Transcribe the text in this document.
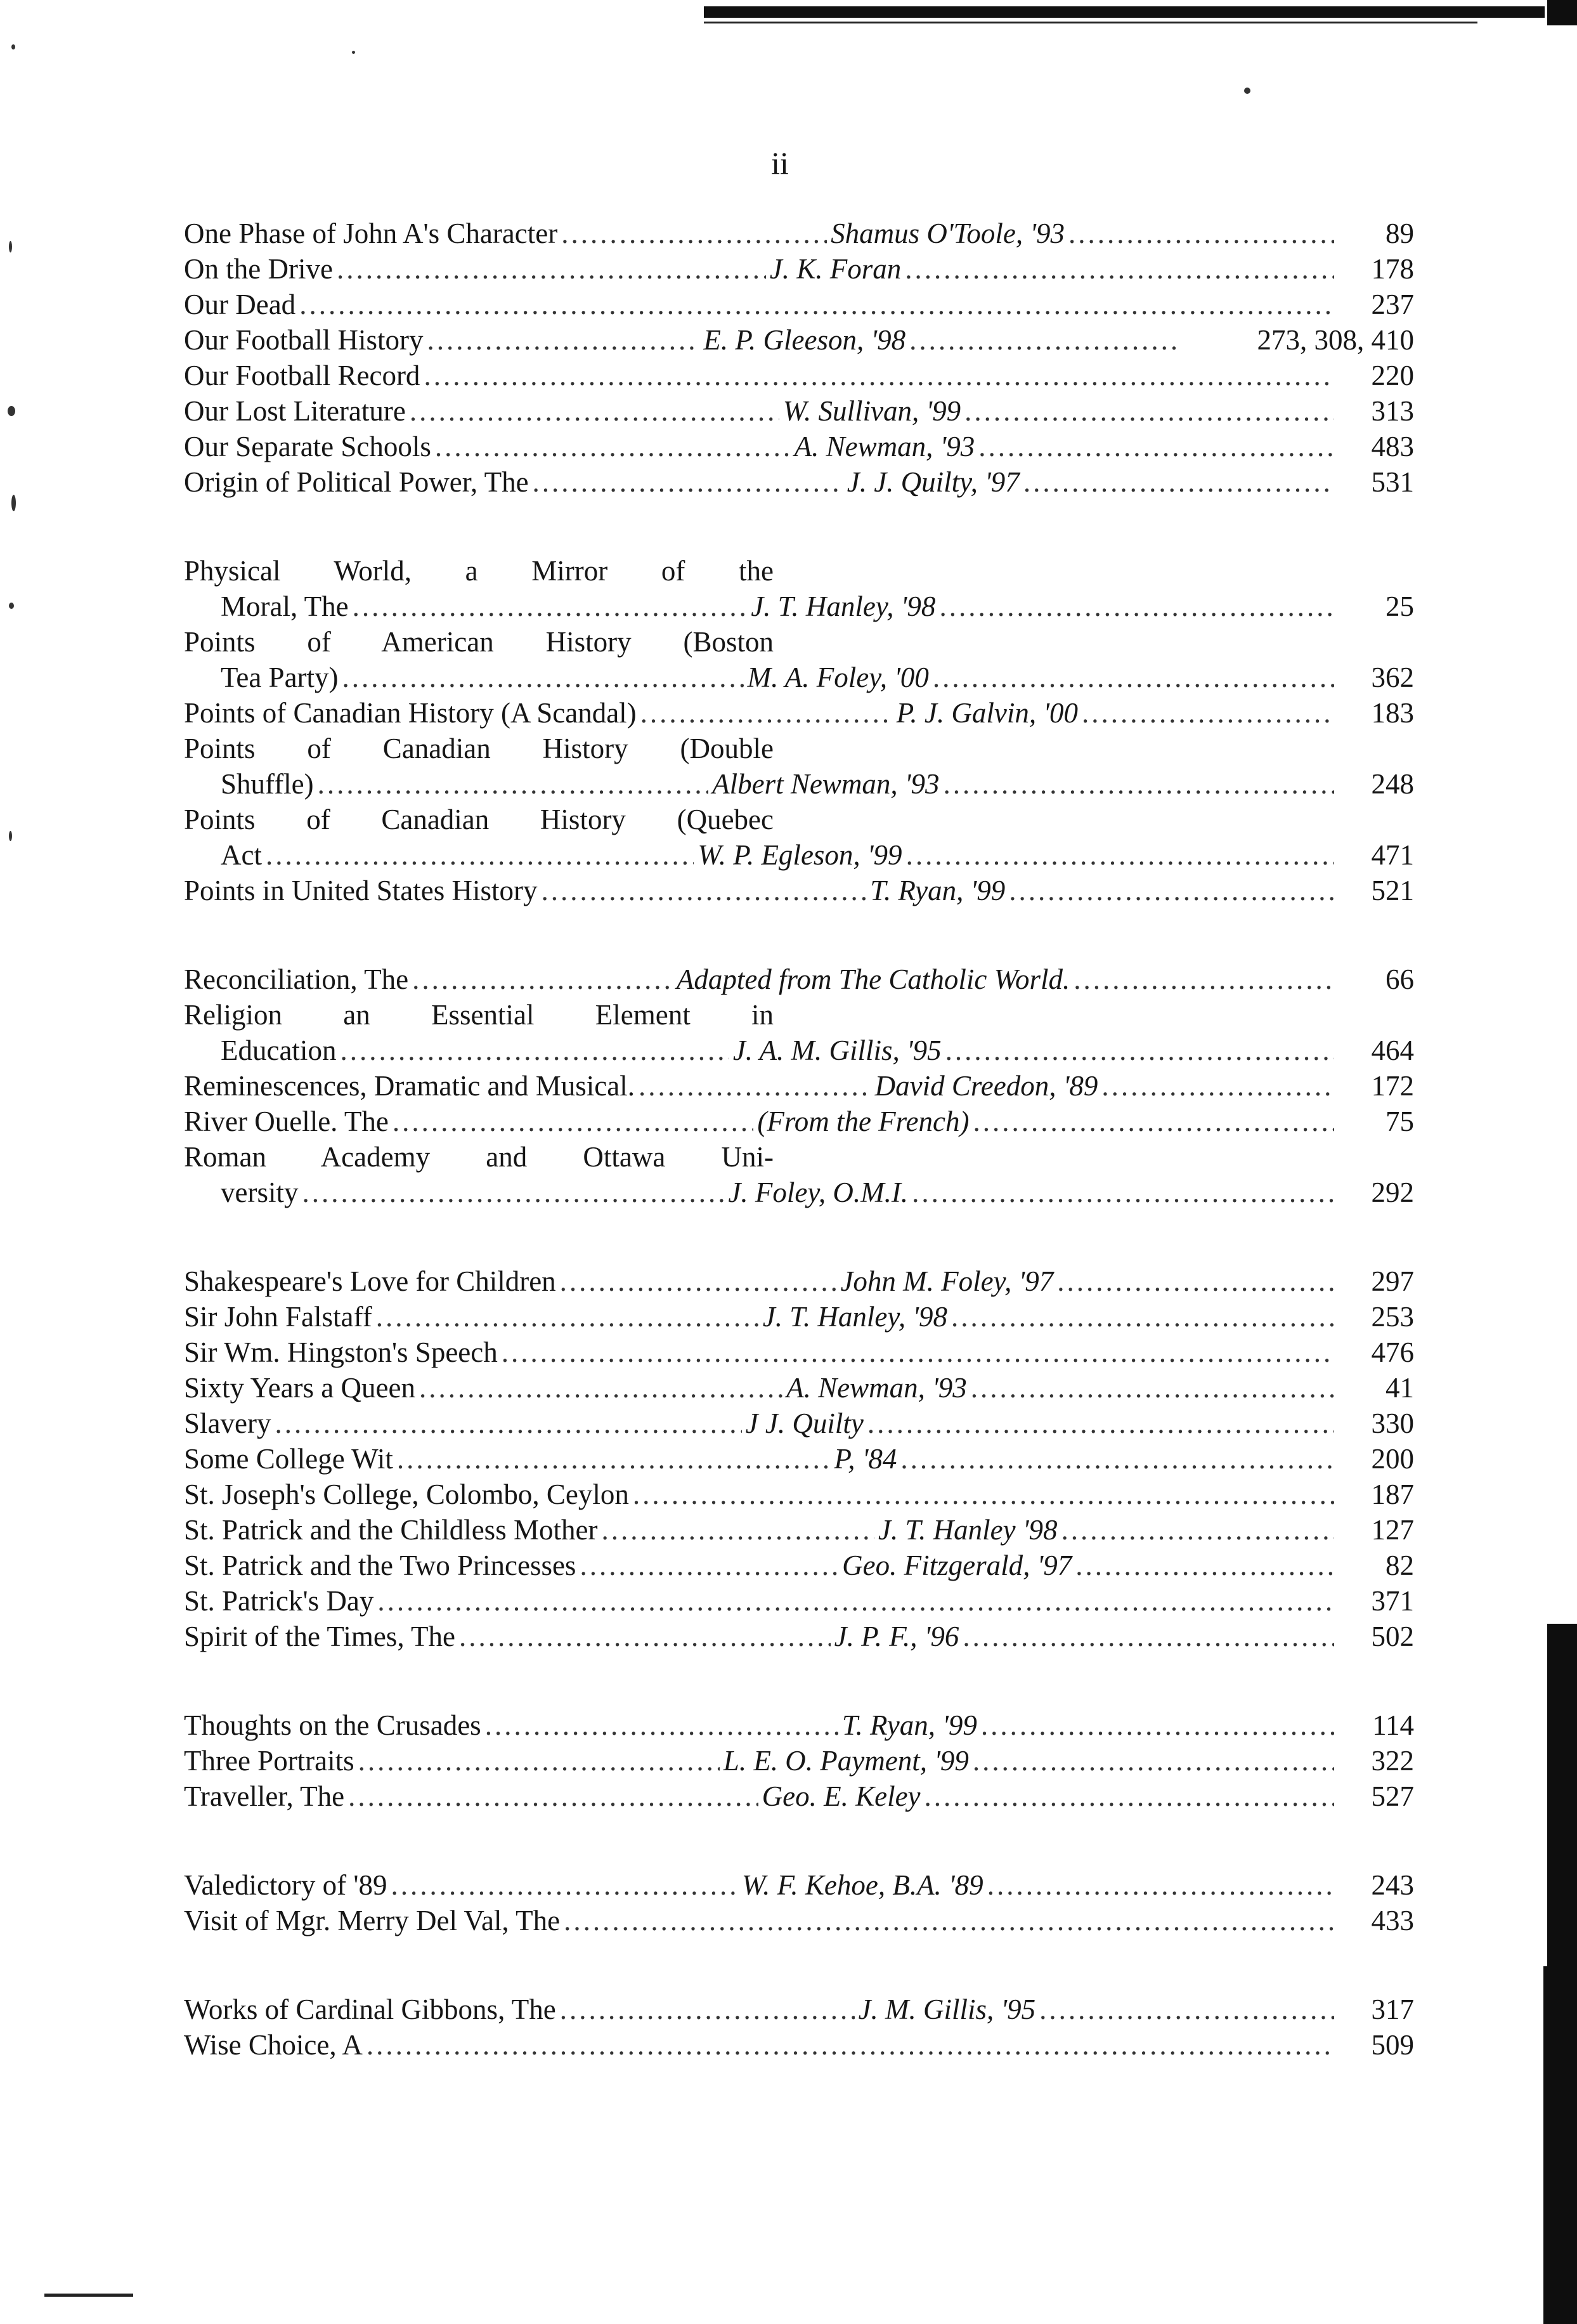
ii
One Phase of John A's Character .....	Shamus O'Toole, '93 .....	89
On the Drive .....	J. K. Foran .....	178
Our Dead .....	237
Our Football History .....	E. P. Gleeson, '98 .....	273, 308, 410
Our Football Record .....	220
Our Lost Literature .....	W. Sullivan, '99 .....	313
Our Separate Schools .....	A. Newman, '93 .....	483
Origin of Political Power, The .....	J. J. Quilty, '97 .....	531
Physical World, a Mirror of the
Moral, The .....	J. T. Hanley, '98 .....	25
Points of American History (Boston
Tea Party) .....	M. A. Foley, '00 .....	362
Points of Canadian History (A Scandal) .....	P. J. Galvin, '00 .....	183
Points of Canadian History (Double
Shuffle) .....	Albert Newman, '93 .....	248
Points of Canadian History (Quebec
Act .....	W. P. Egleson, '99 .....	471
Points in United States History .....	T. Ryan, '99 .....	521
Reconciliation, The .....	Adapted from The Catholic World. .....	66
Religion an Essential Element in
Education .....	J. A. M. Gillis, '95 .....	464
Reminescences, Dramatic and Musical. .....	David Creedon, '89 .....	172
River Ouelle. The .....	(From the French) .....	75
Roman Academy and Ottawa Uni-
versity .....	J. Foley, O.M.I. .....	292
Shakespeare's Love for Children .....	John M. Foley, '97 .....	297
Sir John Falstaff .....	J. T. Hanley, '98 .....	253
Sir Wm. Hingston's Speech .....	476
Sixty Years a Queen .....	A. Newman, '93 .....	41
Slavery .....	J J. Quilty .....	330
Some College Wit .....	P, '84 .....	200
St. Joseph's College, Colombo, Ceylon .....	187
St. Patrick and the Childless Mother .....	J. T. Hanley '98 .....	127
St. Patrick and the Two Princesses .....	Geo. Fitzgerald, '97 .....	82
St. Patrick's Day .....	371
Spirit of the Times, The .....	J. P. F., '96 .....	502
Thoughts on the Crusades .....	T. Ryan, '99 .....	114
Three Portraits .....	L. E. O. Payment, '99 .....	322
Traveller, The .....	Geo. E. Keley .....	527
Valedictory of '89 .....	W. F. Kehoe, B.A. '89 .....	243
Visit of Mgr. Merry Del Val, The .....	433
Works of Cardinal Gibbons, The .....	J. M. Gillis, '95 .....	317
Wise Choice, A .....	509
